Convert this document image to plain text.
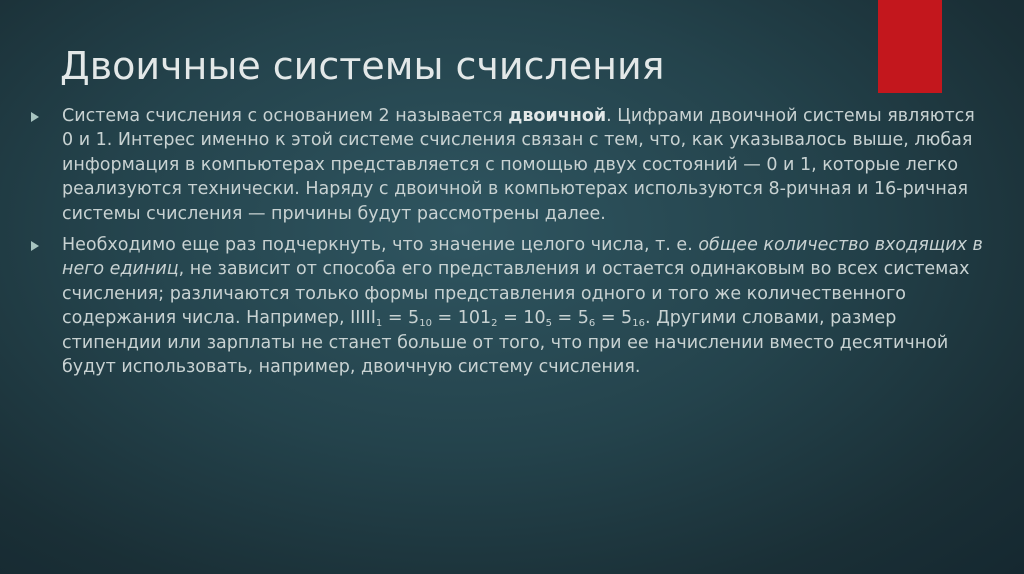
Двоичные системы счисления
Система счисления с основанием 2 называется двоичной. Цифрами двоичной системы являются 0 и 1. Интерес именно к этой системе счисления связан с тем, что, как указывалось выше, любая информация в компьютерах представляется с помощью двух состояний — 0 и 1, которые легко реализуются технически. Наряду с двоичной в компьютерах используются 8-ричная и 16-ричная системы счисления — причины будут рассмотрены далее.
Необходимо еще раз подчеркнуть, что значение целого числа, т. е. общее количество входящих в него единиц, не зависит от способа его представления и остается одинаковым во всех системах счисления; различаются только формы представления одного и того же количественного содержания числа. Например, $IIIII_1 = 5_{10} = 101_2 = 10_5 = 5_6 = 5_{16}$. Другими словами, размер стипендии или зарплаты не станет больше от того, что при ее начислении вместо десятичной будут использовать, например, двоичную систему счисления.
